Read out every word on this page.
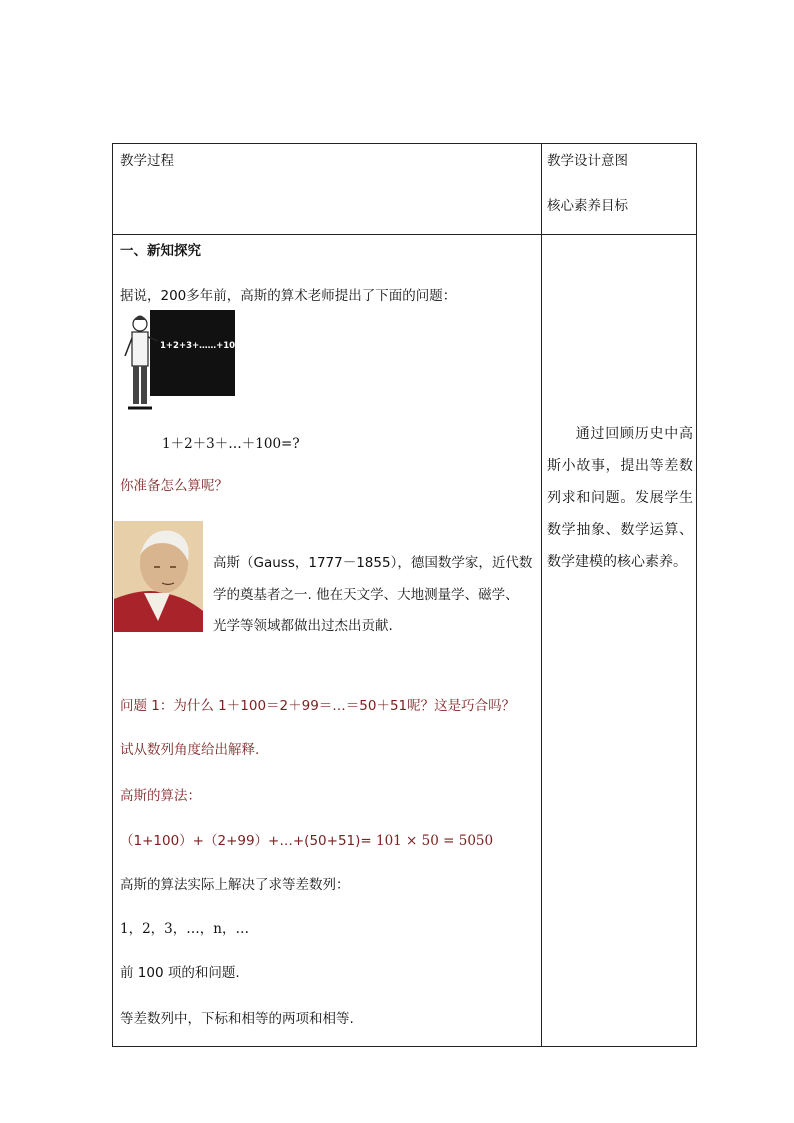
教学过程	教学设计意图
核心素养目标
一、新知探究
据说，200多年前，高斯的算术老师提出了下面的问题：
1+2+3+……+100=?
1＋2＋3＋…＋100=?
你准备怎么算呢？
高斯（Gauss，1777－1855），德国数学家，近代数
学的奠基者之一. 他在天文学、大地测量学、磁学、
光学等领域都做出过杰出贡献.
问题 1：为什么 1＋100＝2＋99＝…＝50＋51呢？这是巧合吗？
试从数列角度给出解释.
高斯的算法：
（1+100）+（2+99）+…+(50+51)= 101 × 50 = 5050
高斯的算法实际上解决了求等差数列：
1，2，3，…，n，…
前 100 项的和问题.
等差数列中，下标和相等的两项和相等.
通过回顾历史中高斯小故事，提出等差数列求和问题。发展学生数学抽象、数学运算、数学建模的核心素养。
